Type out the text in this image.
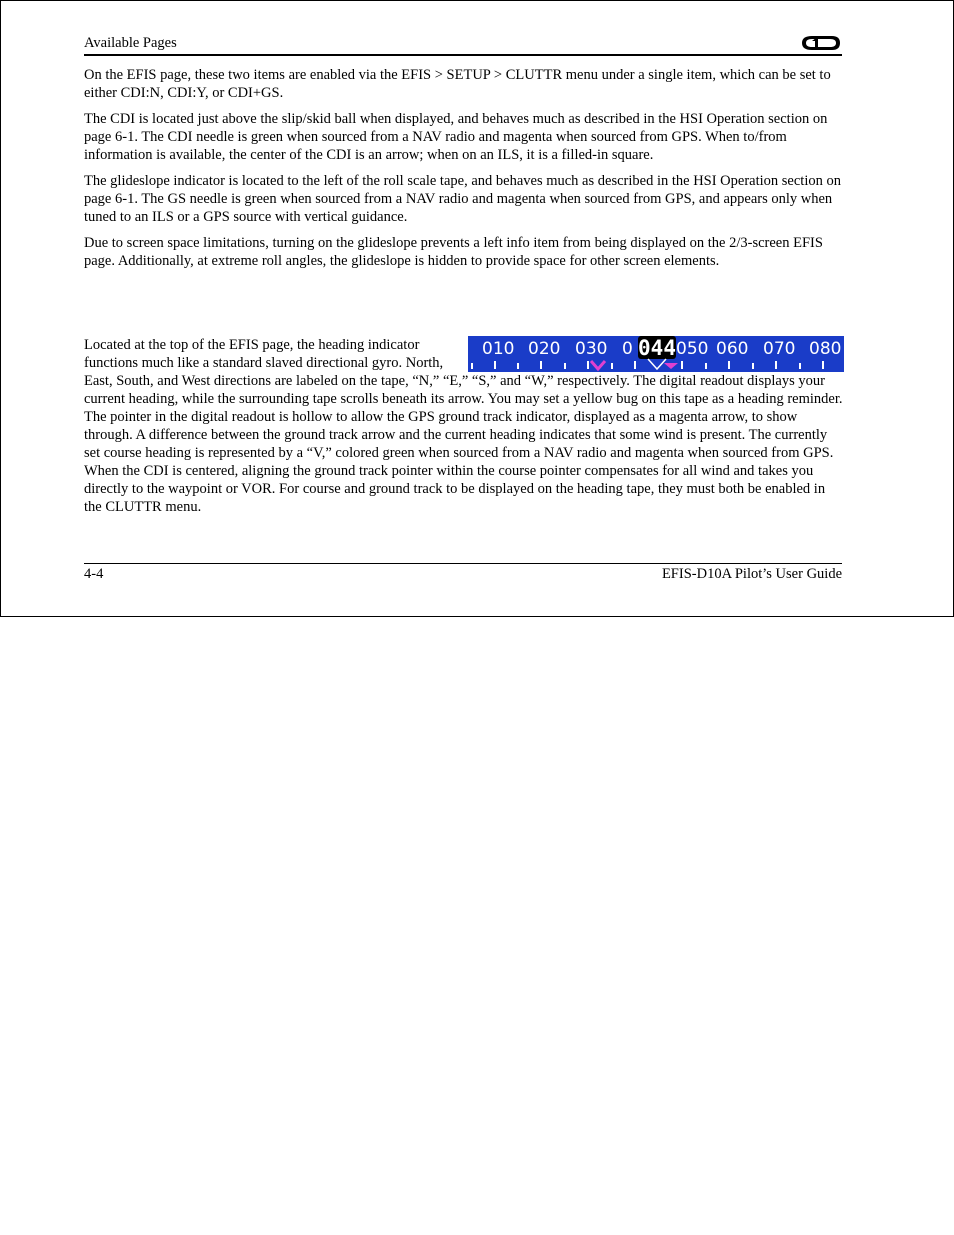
Available Pages

On the EFIS page, these two items are enabled via the EFIS > SETUP > CLUTTR menu under a single item, which can be set to either CDI:N, CDI:Y, or CDI+GS.

The CDI is located just above the slip/skid ball when displayed, and behaves much as described in the HSI Operation section on page 6-1. The CDI needle is green when sourced from a NAV radio and magenta when sourced from GPS. When to/from information is available, the center of the CDI is an arrow; when on an ILS, it is a filled-in square.

The glideslope indicator is located to the left of the roll scale tape, and behaves much as described in the HSI Operation section on page 6-1. The GS needle is green when sourced from a NAV radio and magenta when sourced from GPS, and appears only when tuned to an ILS or a GPS source with vertical guidance.

Due to screen space limitations, turning on the glideslope prevents a left info item from being displayed on the 2/3-screen EFIS page. Additionally, at extreme roll angles, the glideslope is hidden to provide space for other screen elements.

010 020 030 0	050 060 070 080
044
Located at the top of the EFIS page, the heading indicator functions much like a standard slaved directional gyro. North, East, South, and West directions are labeled on the tape, “N,” “E,” “S,” and “W,” respectively. The digital readout displays your current heading, while the surrounding tape scrolls beneath its arrow. You may set a yellow bug on this tape as a heading reminder. The pointer in the digital readout is hollow to allow the GPS ground track indicator, displayed as a magenta arrow, to show through. A difference between the ground track arrow and the current heading indicates that some wind is present. The currently set course heading is represented by a “V,” colored green when sourced from a NAV radio and magenta when sourced from GPS. When the CDI is centered, aligning the ground track pointer within the course pointer compensates for all wind and takes you directly to the waypoint or VOR. For course and ground track to be displayed on the heading tape, they must both be enabled in the CLUTTR menu.
4-4	EFIS-D10A Pilot’s User Guide
